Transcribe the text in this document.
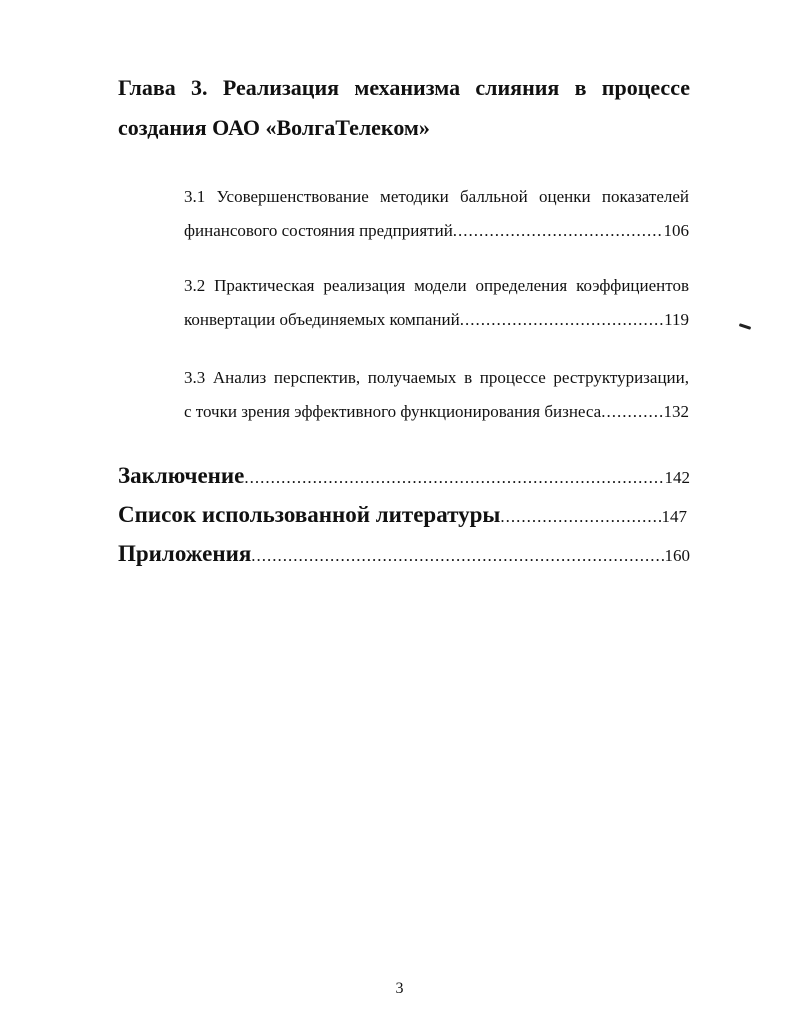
Глава 3. Реализация механизма слияния в процессе
создания ОАО «ВолгаТелеком»
3.1 Усовершенствование методики балльной оценки показателей
финансового состояния предприятий .....	106
3.2 Практическая реализация модели определения коэффициентов
конвертации объединяемых компаний .....	119
3.3 Анализ перспектив, получаемых в процессе реструктуризации,
с точки зрения эффективного функционирования бизнеса .....	132
Заключение .....	142
Список использованной литературы .....	147
Приложения .....	160
3
